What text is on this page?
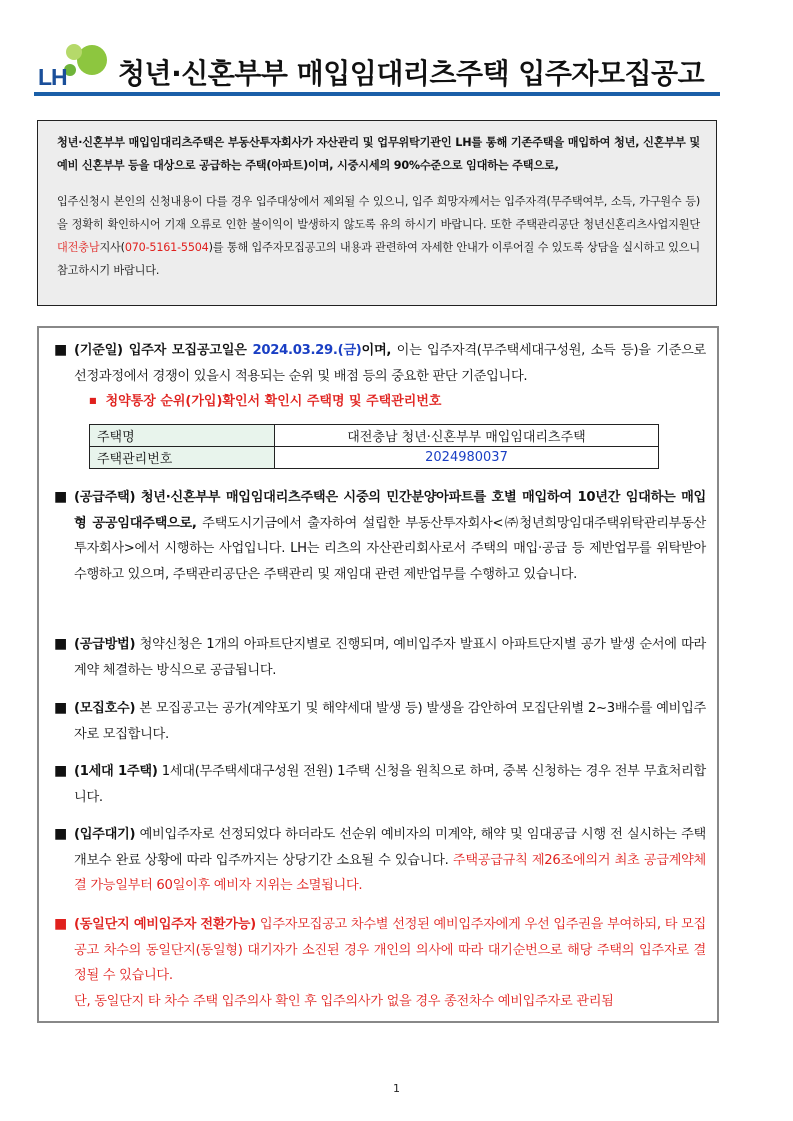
LH 청년·신혼부부 매입임대리츠주택 입주자모집공고

청년·신혼부부 매입임대리츠주택은 부동산투자회사가 자산관리 및 업무위탁기관인 LH를 통해 기존주택을 매입하여 청년, 신혼부부 및 예비 신혼부부 등을 대상으로 공급하는 주택(아파트)이며, 시중시세의 90%수준으로 임대하는 주택으로,

입주신청시 본인의 신청내용이 다를 경우 입주대상에서 제외될 수 있으니, 입주 희망자께서는 입주자격(무주택여부, 소득, 가구원수 등)을 정확히 확인하시어 기재 오류로 인한 불이익이 발생하지 않도록 유의 하시기 바랍니다. 또한 주택관리공단 청년신혼리츠사업지원단 대전충남지사(070-5161-5504)를 통해 입주자모집공고의 내용과 관련하여 자세한 안내가 이루어질 수 있도록 상담을 실시하고 있으니 참고하시기 바랍니다.

■ (기준일) 입주자 모집공고일은 2024.03.29.(금)이며, 이는 입주자격(무주택세대구성원, 소득 등)을 기준으로 선정과정에서 경쟁이 있을시 적용되는 순위 및 배점 등의 중요한 판단 기준입니다.
■ 청약통장 순위(가입)확인서 확인시 주택명 및 주택관리번호
주택명	대전충남 청년·신혼부부 매입임대리츠주택
주택관리번호	2024980037
■ (공급주택) 청년·신혼부부 매입임대리츠주택은 시중의 민간분양아파트를 호별 매입하여 10년간 임대하는 매입형 공공임대주택으로, 주택도시기금에서 출자하여 설립한 부동산투자회사<㈜청년희망임대주택위탁관리부동산투자회사>에서 시행하는 사업입니다. LH는 리츠의 자산관리회사로서 주택의 매입·공급 등 제반업무를 위탁받아 수행하고 있으며, 주택관리공단은 주택관리 및 재임대 관련 제반업무를 수행하고 있습니다.
■ (공급방법) 청약신청은 1개의 아파트단지별로 진행되며, 예비입주자 발표시 아파트단지별 공가 발생 순서에 따라 계약 체결하는 방식으로 공급됩니다.
■ (모집호수) 본 모집공고는 공가(계약포기 및 해약세대 발생 등) 발생을 감안하여 모집단위별 2~3배수를 예비입주자로 모집합니다.
■ (1세대 1주택) 1세대(무주택세대구성원 전원) 1주택 신청을 원칙으로 하며, 중복 신청하는 경우 전부 무효처리합니다.
■ (입주대기) 예비입주자로 선정되었다 하더라도 선순위 예비자의 미계약, 해약 및 임대공급 시행 전 실시하는 주택 개보수 완료 상황에 따라 입주까지는 상당기간 소요될 수 있습니다. 주택공급규칙 제26조에의거 최초 공급계약체결 가능일부터 60일이후 예비자 지위는 소멸됩니다.
■ (동일단지 예비입주자 전환가능) 입주자모집공고 차수별 선정된 예비입주자에게 우선 입주권을 부여하되, 타 모집공고 차수의 동일단지(동일형) 대기자가 소진된 경우 개인의 의사에 따라 대기순번으로 해당 주택의 입주자로 결정될 수 있습니다.
단, 동일단지 타 차수 주택 입주의사 확인 후 입주의사가 없을 경우 종전차수 예비입주자로 관리됨
1
